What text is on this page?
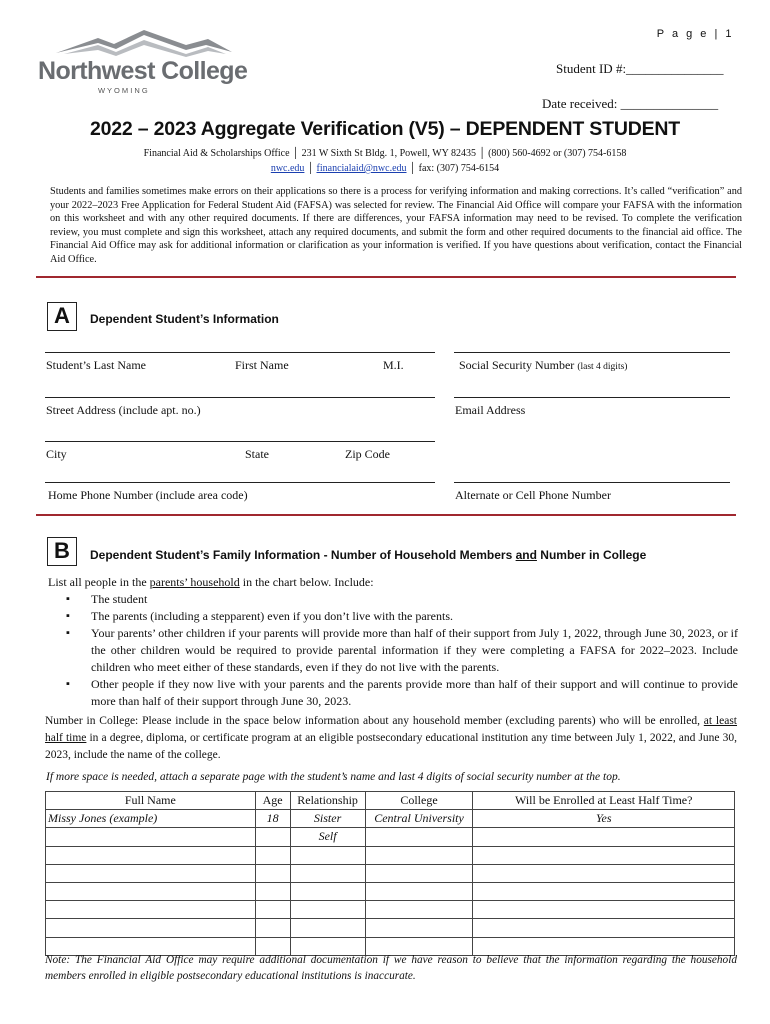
P a g e | 1
Northwest College
W Y O M I N G
Student ID #:_______________
Date received: _______________
2022 – 2023 Aggregate Verification (V5) – DEPENDENT STUDENT
Financial Aid & Scholarships Office │ 231 W Sixth St Bldg. 1, Powell, WY 82435 │ (800) 560-4692 or (307) 754-6158
nwc.edu │ financialaid@nwc.edu │ fax: (307) 754-6154
Students and families sometimes make errors on their applications so there is a process for verifying information and making corrections. It’s called “verification” and your 2022–2023 Free Application for Federal Student Aid (FAFSA) was selected for review. The Financial Aid Office will compare your FAFSA with the information on this worksheet and with any other required documents. If there are differences, your FAFSA information may need to be revised. To complete the verification review, you must complete and sign this worksheet, attach any required documents, and submit the form and other required documents to the financial aid office. The Financial Aid Office may ask for additional information or clarification as your information is verified. If you have questions about verification, contact the Financial Aid Office.
A	Dependent Student’s Information
Student’s Last Name	First Name	M.I.	Social Security Number (last 4 digits)
Street Address (include apt. no.)	Email Address
City	State	Zip Code
Home Phone Number (include area code)	Alternate or Cell Phone Number
B	Dependent Student’s Family Information - Number of Household Members and Number in College
List all people in the parents’ household in the chart below. Include:
▪ The student
▪ The parents (including a stepparent) even if you don’t live with the parents.
▪ Your parents’ other children if your parents will provide more than half of their support from July 1, 2022, through June 30, 2023, or if the other children would be required to provide parental information if they were completing a FAFSA for 2022–2023. Include children who meet either of these standards, even if they do not live with the parents.
▪ Other people if they now live with your parents and the parents provide more than half of their support and will continue to provide more than half of their support through June 30, 2023.
Number in College: Please include in the space below information about any household member (excluding parents) who will be enrolled, at least half time in a degree, diploma, or certificate program at an eligible postsecondary educational institution any time between July 1, 2022, and June 30, 2023, include the name of the college.
If more space is needed, attach a separate page with the student’s name and last 4 digits of social security number at the top.
Full Name	Age	Relationship	College	Will be Enrolled at Least Half Time?
Missy Jones (example)	18	Sister	Central University	Yes
		Self		

Note: The Financial Aid Office may require additional documentation if we have reason to believe that the information regarding the household members enrolled in eligible postsecondary educational institutions is inaccurate.
